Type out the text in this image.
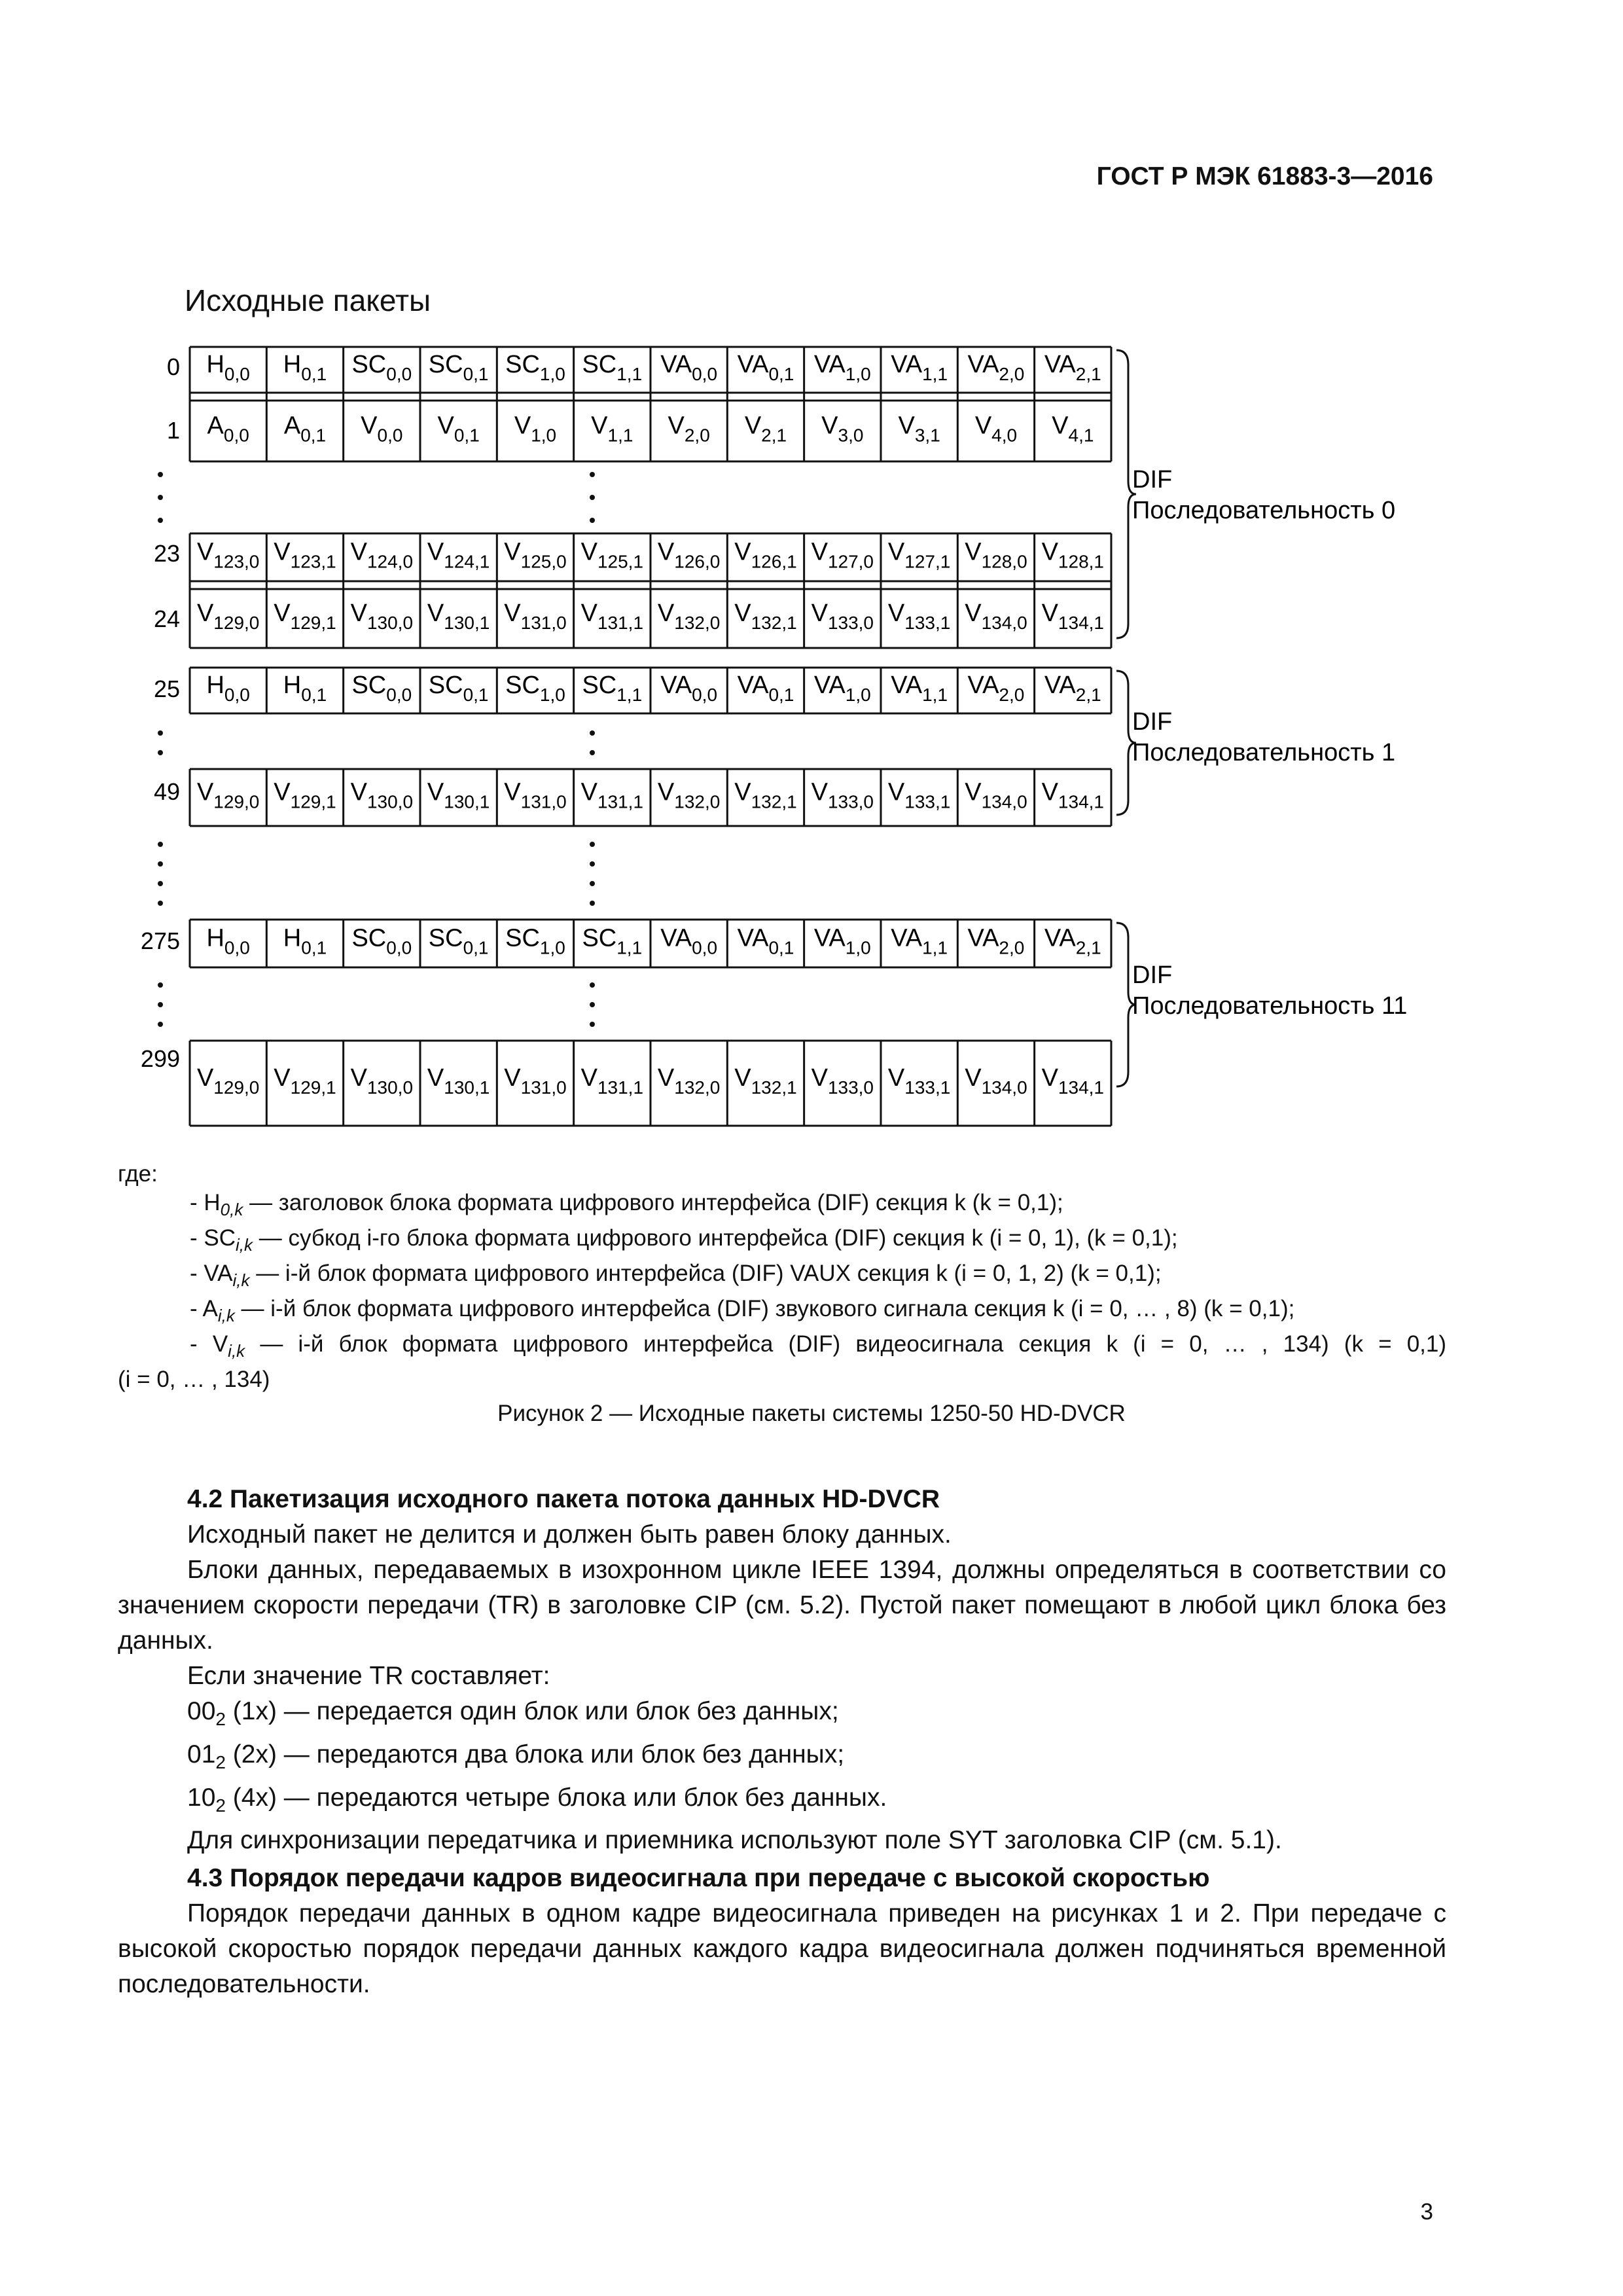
ГОСТ Р МЭК 61883-3—2016
Исходные пакеты
$H_{0,0}$ $H_{0,1}$ $SC_{0,0}$ $SC_{0,1}$ $SC_{1,0}$ $SC_{1,1}$ $VA_{0,0}$ $VA_{0,1}$ $VA_{1,0}$ $VA_{1,1}$ $VA_{2,0}$ $VA_{2,1}$
$A_{0,0}$ $A_{0,1}$ $V_{0,0}$ $V_{0,1}$ $V_{1,0}$ $V_{1,1}$ $V_{2,0}$ $V_{2,1}$ $V_{3,0}$ $V_{3,1}$ $V_{4,0}$ $V_{4,1}$
$V_{123,0}$ $V_{123,1}$ $V_{124,0}$ $V_{124,1}$ $V_{125,0}$ $V_{125,1}$ $V_{126,0}$ $V_{126,1}$ $V_{127,0}$ $V_{127,1}$ $V_{128,0}$ $V_{128,1}$
$V_{129,0}$ $V_{129,1}$ $V_{130,0}$ $V_{130,1}$ $V_{131,0}$ $V_{131,1}$ $V_{132,0}$ $V_{132,1}$ $V_{133,0}$ $V_{133,1}$ $V_{134,0}$ $V_{134,1}$
$H_{0,0}$ $H_{0,1}$ $SC_{0,0}$ $SC_{0,1}$ $SC_{1,0}$ $SC_{1,1}$ $VA_{0,0}$ $VA_{0,1}$ $VA_{1,0}$ $VA_{1,1}$ $VA_{2,0}$ $VA_{2,1}$
$V_{129,0}$ $V_{129,1}$ $V_{130,0}$ $V_{130,1}$ $V_{131,0}$ $V_{131,1}$ $V_{132,0}$ $V_{132,1}$ $V_{133,0}$ $V_{133,1}$ $V_{134,0}$ $V_{134,1}$
$H_{0,0}$ $H_{0,1}$ $SC_{0,0}$ $SC_{0,1}$ $SC_{1,0}$ $SC_{1,1}$ $VA_{0,0}$ $VA_{0,1}$ $VA_{1,0}$ $VA_{1,1}$ $VA_{2,0}$ $VA_{2,1}$
$V_{129,0}$ $V_{129,1}$ $V_{130,0}$ $V_{130,1}$ $V_{131,0}$ $V_{131,1}$ $V_{132,0}$ $V_{132,1}$ $V_{133,0}$ $V_{133,1}$ $V_{134,0}$ $V_{134,1}$
0
1
23
24
25
49
275
299
DIF
Последовательность 0
DIF
Последовательность 1
DIF
Последовательность 11
где:
- $H_{0,k}$ — заголовок блока формата цифрового интерфейса (DIF) секция k (k = 0,1);
- $SC_{i,k}$ — субкод i-го блока формата цифрового интерфейса (DIF) секция k (i = 0, 1), (k = 0,1);
- $VA_{i,k}$ — i-й блок формата цифрового интерфейса (DIF) VAUX секция k (i = 0, 1, 2) (k = 0,1);
- $A_{i,k}$ — i-й блок формата цифрового интерфейса (DIF) звукового сигнала секция k (i = 0, … , 8) (k = 0,1);
- $V_{i,k}$ — i-й блок формата цифрового интерфейса (DIF) видеосигнала секция k (i = 0, … , 134) (k = 0,1)
(i = 0, … , 134)
Рисунок 2 — Исходные пакеты системы 1250-50 HD-DVCR

4.2 Пакетизация исходного пакета потока данных HD-DVCR

Исходный пакет не делится и должен быть равен блоку данных.

Блоки данных, передаваемых в изохронном цикле IEEE 1394, должны определяться в соответствии со значением скорости передачи (TR) в заголовке CIP (см. 5.2). Пустой пакет помещают в любой цикл блока без данных.

Если значение TR составляет:

$00_2$ (1x) — передается один блок или блок без данных;

$01_2$ (2x) — передаются два блока или блок без данных;

$10_2$ (4x) — передаются четыре блока или блок без данных.

Для синхронизации передатчика и приемника используют поле SYT заголовка CIP (см. 5.1).

4.3 Порядок передачи кадров видеосигнала при передаче с высокой скоростью

Порядок передачи данных в одном кадре видеосигнала приведен на рисунках 1 и 2. При передаче с высокой скоростью порядок передачи данных каждого кадра видеосигнала должен подчиняться временной последовательности.

3
